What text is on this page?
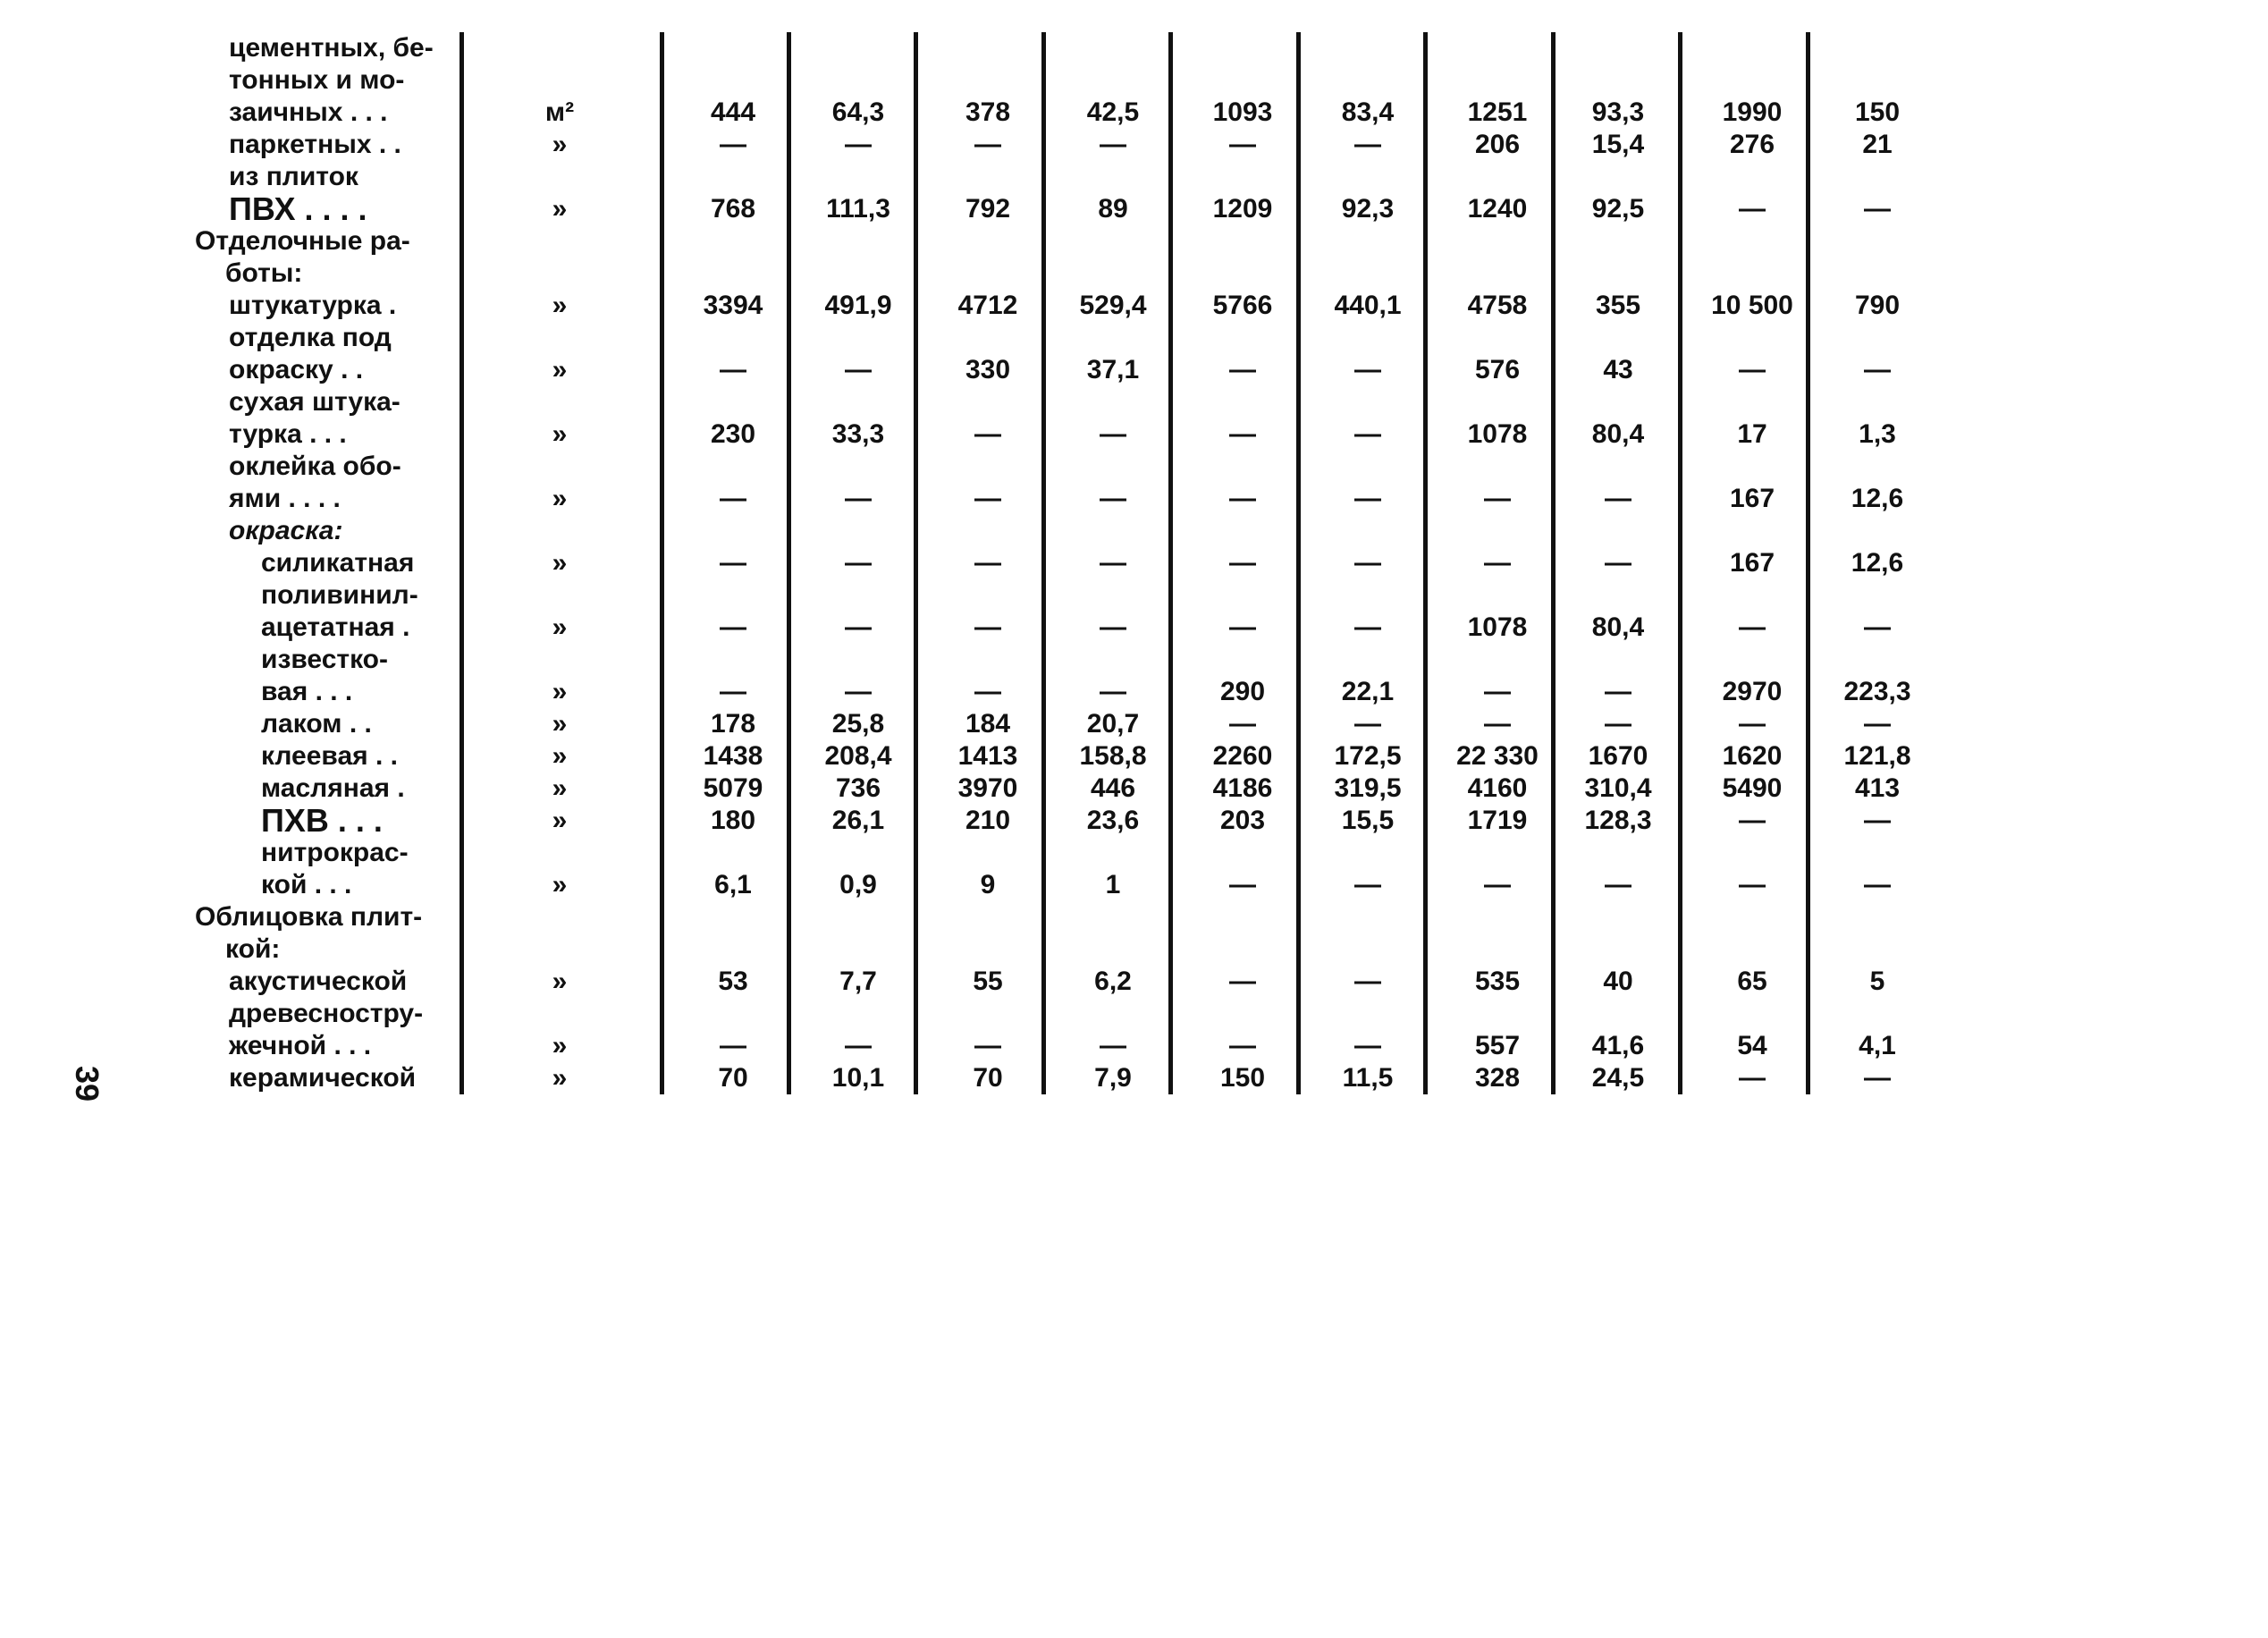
цементных, бе-
тонных и мо-
заичных . . .	м²	444	64,3	378	42,5	1093	83,4	1251	93,3	1990	150
паркетных . .	»	—	—	—	—	—	—	206	15,4	276	21
из плиток
ПВХ . . . .	»	768	111,3	792	89	1209	92,3	1240	92,5	—	—
Отделочные ра-
боты:
штукатурка .	»	3394	491,9	4712	529,4	5766	440,1	4758	355	10 500	790
отделка под
окраску . .	»	—	—	330	37,1	—	—	576	43	—	—
сухая штука-
турка . . .	»	230	33,3	—	—	—	—	1078	80,4	17	1,3
оклейка обо-
ями . . . .	»	—	—	—	—	—	—	—	—	167	12,6
окраска:
силикатная	»	—	—	—	—	—	—	—	—	167	12,6
поливинил-
ацетатная .	»	—	—	—	—	—	—	1078	80,4	—	—
известко-
вая . . .	»	—	—	—	—	290	22,1	—	—	2970	223,3
лаком . .	»	178	25,8	184	20,7	—	—	—	—	—	—
клеевая . .	»	1438	208,4	1413	158,8	2260	172,5	22 330	1670	1620	121,8
масляная .	»	5079	736	3970	446	4186	319,5	4160	310,4	5490	413
ПХВ . . .	»	180	26,1	210	23,6	203	15,5	1719	128,3	—	—
нитрокрас-
кой . . .	»	6,1	0,9	9	1	—	—	—	—	—	—
Облицовка плит-
кой:
акустической	»	53	7,7	55	6,2	—	—	535	40	65	5
древесностру-
жечной . . .	»	—	—	—	—	—	—	557	41,6	54	4,1
керамической	»	70	10,1	70	7,9	150	11,5	328	24,5	—	—
39
